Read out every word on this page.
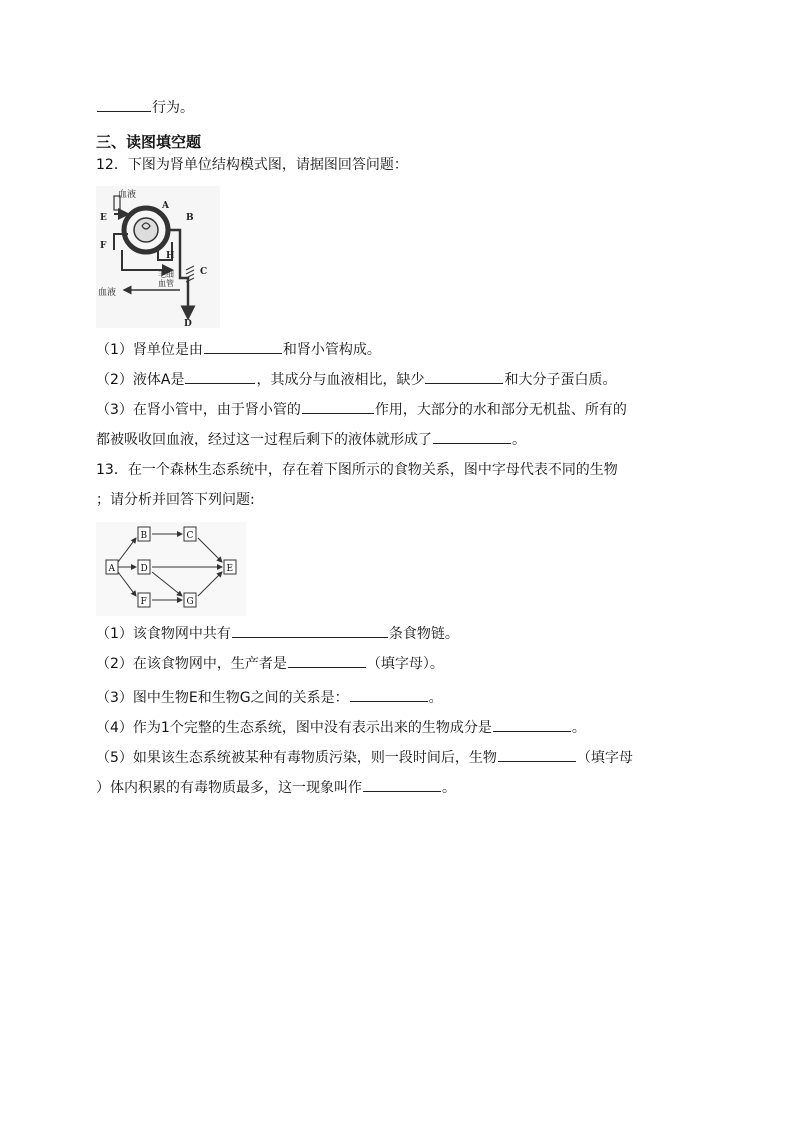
行为。
三、读图填空题
12．下图为肾单位结构模式图，请据图回答问题：
血液
毛细
血管
血液
A
B
C
D
E
F
H
（1）肾单位是由	和肾小管构成。
（2）液体A是	，其成分与血液相比，缺少	和大分子蛋白质。
（3）在肾小管中，由于肾小管的	作用，大部分的水和部分无机盐、所有的
都被吸收回血液，经过这一过程后剩下的液体就形成了	。
13．在一个森林生态系统中，存在着下图所示的食物关系，图中字母代表不同的生物
；请分析并回答下列问题:
A
B	C
D	E
F	G
（1）该食物网中共有	条食物链。
（2）在该食物网中，生产者是	（填字母）。
（3）图中生物E和生物G之间的关系是：	。
（4）作为1个完整的生态系统，图中没有表示出来的生物成分是	。
（5）如果该生态系统被某种有毒物质污染，则一段时间后，生物	（填字母
）体内积累的有毒物质最多，这一现象叫作	。
